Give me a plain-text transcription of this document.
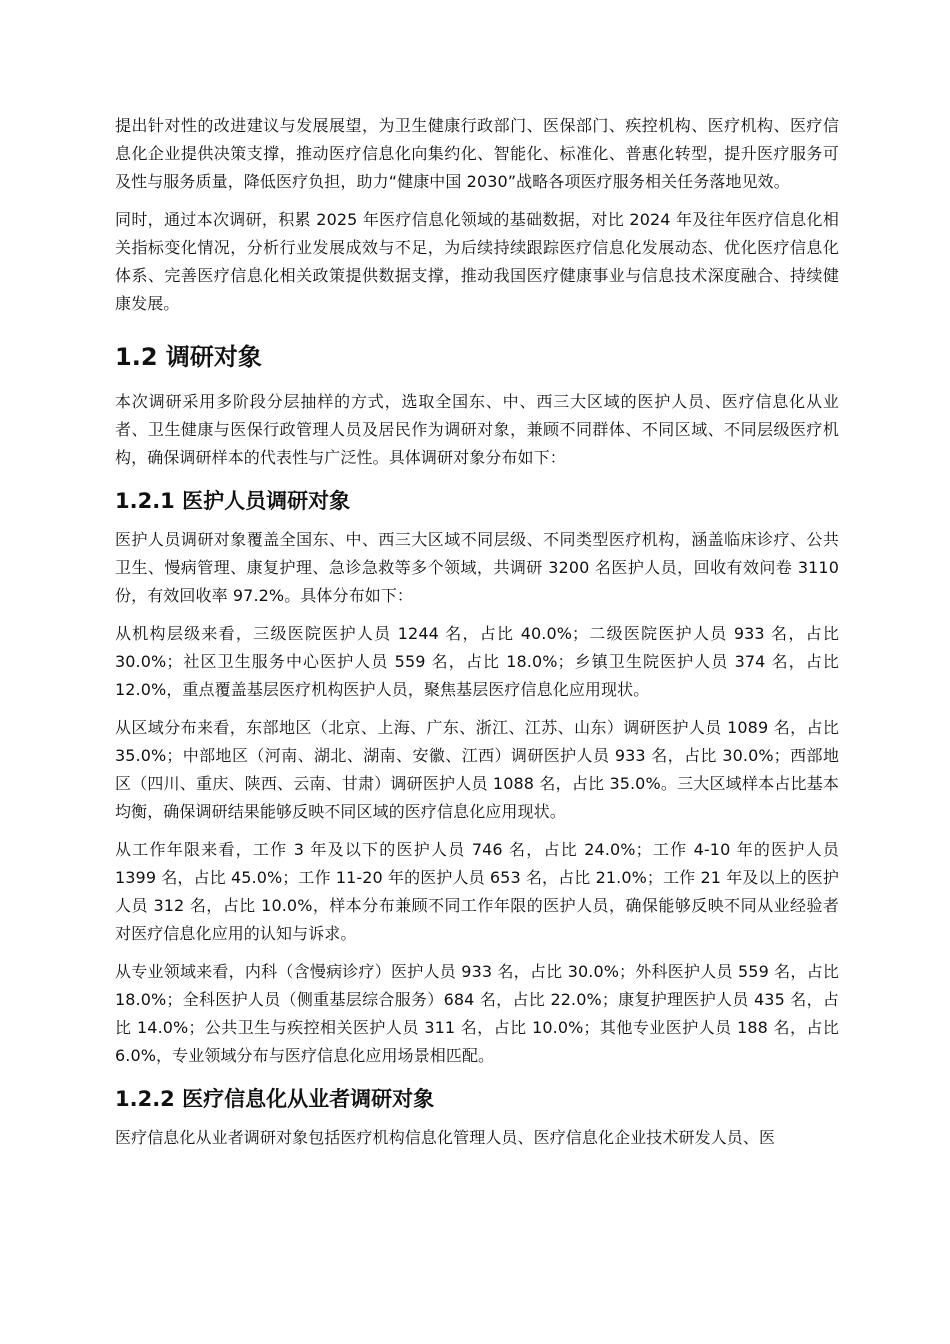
提出针对性的改进建议与发展展望，为卫生健康行政部门、医保部门、疾控机构、医疗机构、医疗信息化企业提供决策支撑，推动医疗信息化向集约化、智能化、标准化、普惠化转型，提升医疗服务可及性与服务质量，降低医疗负担，助力“健康中国 2030”战略各项医疗服务相关任务落地见效。

同时，通过本次调研，积累 2025 年医疗信息化领域的基础数据，对比 2024 年及往年医疗信息化相关指标变化情况，分析行业发展成效与不足，为后续持续跟踪医疗信息化发展动态、优化医疗信息化体系、完善医疗信息化相关政策提供数据支撑，推动我国医疗健康事业与信息技术深度融合、持续健康发展。

1.2 调研对象

本次调研采用多阶段分层抽样的方式，选取全国东、中、西三大区域的医护人员、医疗信息化从业者、卫生健康与医保行政管理人员及居民作为调研对象，兼顾不同群体、不同区域、不同层级医疗机构，确保调研样本的代表性与广泛性。具体调研对象分布如下：

1.2.1 医护人员调研对象

医护人员调研对象覆盖全国东、中、西三大区域不同层级、不同类型医疗机构，涵盖临床诊疗、公共卫生、慢病管理、康复护理、急诊急救等多个领域，共调研 3200 名医护人员，回收有效问卷 3110 份，有效回收率 97.2%。具体分布如下：

从机构层级来看，三级医院医护人员 1244 名，占比 40.0%；二级医院医护人员 933 名，占比 30.0%；社区卫生服务中心医护人员 559 名，占比 18.0%；乡镇卫生院医护人员 374 名，占比 12.0%，重点覆盖基层医疗机构医护人员，聚焦基层医疗信息化应用现状。

从区域分布来看，东部地区（北京、上海、广东、浙江、江苏、山东）调研医护人员 1089 名，占比 35.0%；中部地区（河南、湖北、湖南、安徽、江西）调研医护人员 933 名，占比 30.0%；西部地区（四川、重庆、陕西、云南、甘肃）调研医护人员 1088 名，占比 35.0%。三大区域样本占比基本均衡，确保调研结果能够反映不同区域的医疗信息化应用现状。

从工作年限来看，工作 3 年及以下的医护人员 746 名，占比 24.0%；工作 4-10 年的医护人员 1399 名，占比 45.0%；工作 11-20 年的医护人员 653 名，占比 21.0%；工作 21 年及以上的医护人员 312 名，占比 10.0%，样本分布兼顾不同工作年限的医护人员，确保能够反映不同从业经验者对医疗信息化应用的认知与诉求。

从专业领域来看，内科（含慢病诊疗）医护人员 933 名，占比 30.0%；外科医护人员 559 名，占比 18.0%；全科医护人员（侧重基层综合服务）684 名，占比 22.0%；康复护理医护人员 435 名，占比 14.0%；公共卫生与疾控相关医护人员 311 名，占比 10.0%；其他专业医护人员 188 名，占比 6.0%，专业领域分布与医疗信息化应用场景相匹配。

1.2.2 医疗信息化从业者调研对象

医疗信息化从业者调研对象包括医疗机构信息化管理人员、医疗信息化企业技术研发人员、医
